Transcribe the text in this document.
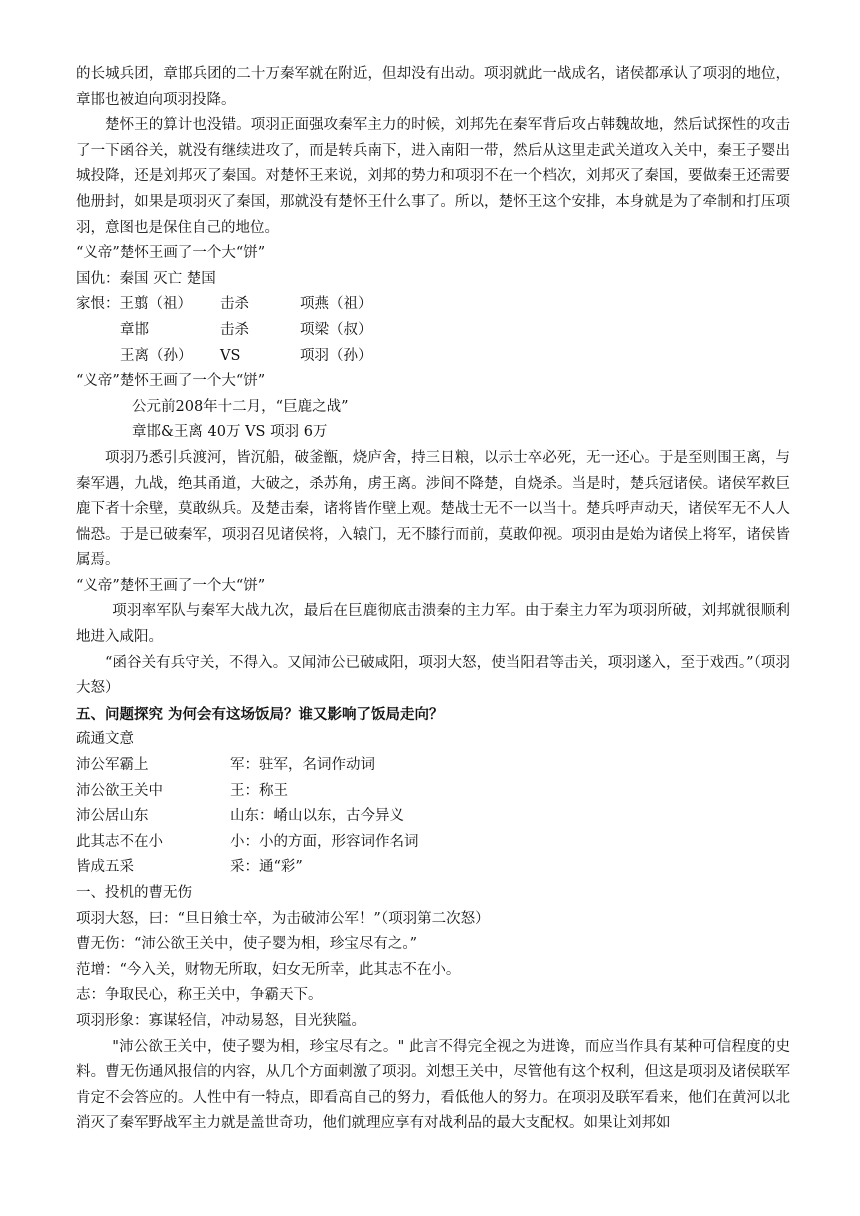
的长城兵团，章邯兵团的二十万秦军就在附近，但却没有出动。项羽就此一战成名，诸侯都承认了项羽的地位，章邯也被迫向项羽投降。
楚怀王的算计也没错。项羽正面强攻秦军主力的时候，刘邦先在秦军背后攻占韩魏故地，然后试探性的攻击了一下函谷关，就没有继续进攻了，而是转兵南下，进入南阳一带，然后从这里走武关道攻入关中，秦王子婴出城投降，还是刘邦灭了秦国。对楚怀王来说，刘邦的势力和项羽不在一个档次，刘邦灭了秦国，要做秦王还需要他册封，如果是项羽灭了秦国，那就没有楚怀王什么事了。所以，楚怀王这个安排，本身就是为了牵制和打压项羽，意图也是保住自己的地位。
“义帝”楚怀王画了一个大“饼”
国仇：秦国 灭亡 楚国
家恨：王翦（祖）	击杀	项燕（祖）
章邯	击杀	项梁（叔）
王离（孙）	VS	项羽（孙）
“义帝”楚怀王画了一个大“饼”
公元前208年十二月，“巨鹿之战”
章邯&王离 40万 VS 项羽 6万
项羽乃悉引兵渡河，皆沉船，破釜甑，烧庐舍，持三日粮，以示士卒必死，无一还心。于是至则围王离，与秦军遇，九战，绝其甬道，大破之，杀苏角，虏王离。涉间不降楚，自烧杀。当是时，楚兵冠诸侯。诸侯军救巨鹿下者十余壁，莫敢纵兵。及楚击秦，诸将皆作壁上观。楚战士无不一以当十。楚兵呼声动天，诸侯军无不人人惴恐。于是已破秦军，项羽召见诸侯将，入辕门，无不膝行而前，莫敢仰视。项羽由是始为诸侯上将军，诸侯皆属焉。
“义帝”楚怀王画了一个大“饼”
项羽率军队与秦军大战九次，最后在巨鹿彻底击溃秦的主力军。由于秦主力军为项羽所破，刘邦就很顺利地进入咸阳。
“函谷关有兵守关，不得入。又闻沛公已破咸阳，项羽大怒，使当阳君等击关，项羽遂入，至于戏西。”（项羽大怒）
五、问题探究 为何会有这场饭局？谁又影响了饭局走向？
疏通文意
沛公军霸上	军：驻军，名词作动词
沛公欲王关中	王：称王
沛公居山东	山东：崤山以东，古今异义
此其志不在小	小：小的方面，形容词作名词
皆成五采	采：通“彩”
一、投机的曹无伤
项羽大怒，曰：“旦日飨士卒，为击破沛公军！”（项羽第二次怒）
曹无伤：“沛公欲王关中，使子婴为相，珍宝尽有之。”
范增：“今入关，财物无所取，妇女无所幸，此其志不在小。
志：争取民心，称王关中，争霸天下。
项羽形象：寡谋轻信，冲动易怒，目光狭隘。
"沛公欲王关中，使子婴为相，珍宝尽有之。" 此言不得完全视之为进谗，而应当作具有某种可信程度的史料。曹无伤通风报信的内容，从几个方面刺激了项羽。刘想王关中，尽管他有这个权利，但这是项羽及诸侯联军肯定不会答应的。人性中有一特点，即看高自己的努力，看低他人的努力。在项羽及联军看来，他们在黄河以北消灭了秦军野战军主力就是盖世奇功，他们就理应享有对战利品的最大支配权。如果让刘邦如
